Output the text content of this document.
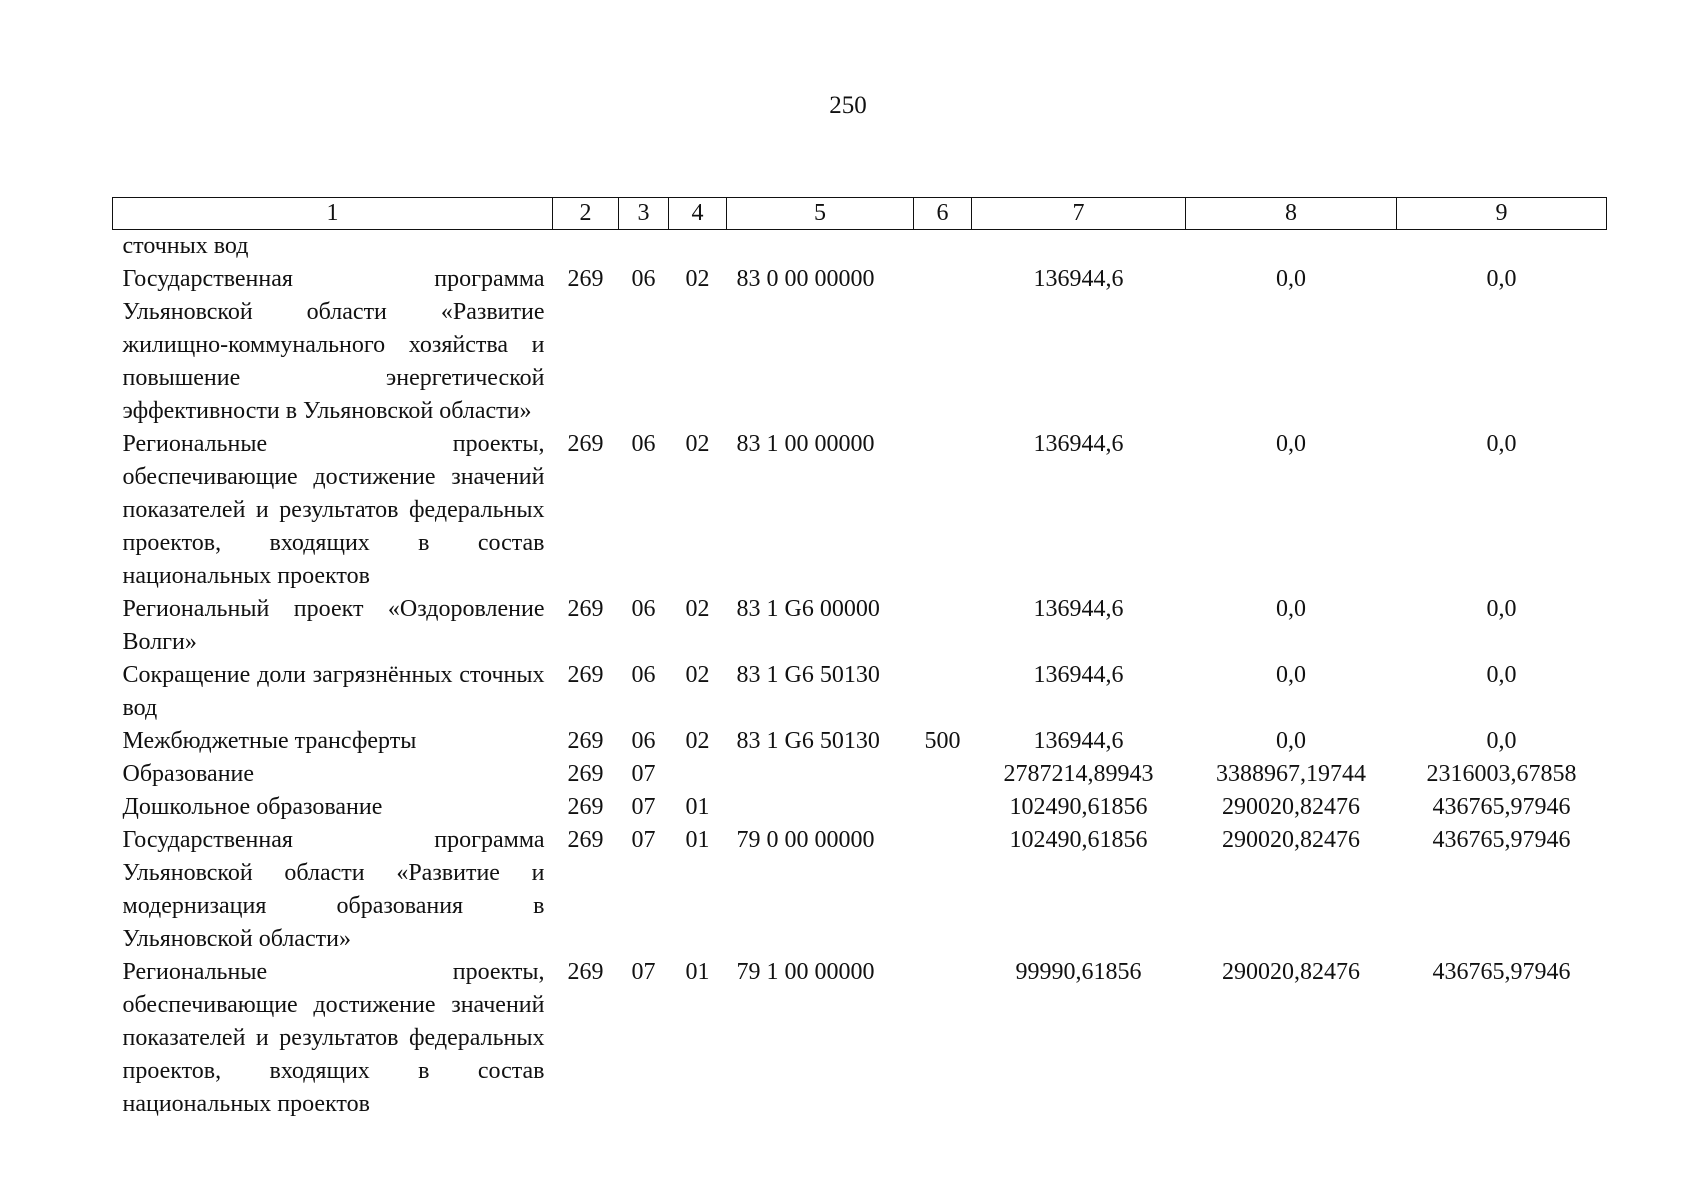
250
1	2	3	4	5	6	7	8	9
сточных вод								
Государственная программа Ульяновской области «Развитие жилищно-коммунального хозяйства и повышение энергетической эффективности в Ульяновской области»	269	06	02	83 0 00 00000		136944,6	0,0	0,0
Региональные проекты, обеспечивающие достижение значений показателей и результатов федеральных проектов, входящих в состав национальных проектов	269	06	02	83 1 00 00000		136944,6	0,0	0,0
Региональный проект «Оздоровление Волги»	269	06	02	83 1 G6 00000		136944,6	0,0	0,0
Сокращение доли загрязнённых сточных вод	269	06	02	83 1 G6 50130		136944,6	0,0	0,0
Межбюджетные трансферты	269	06	02	83 1 G6 50130	500	136944,6	0,0	0,0
Образование	269	07				2787214,89943	3388967,19744	2316003,67858
Дошкольное образование	269	07	01			102490,61856	290020,82476	436765,97946
Государственная программа Ульяновской области «Развитие и модернизация образования в Ульяновской области»	269	07	01	79 0 00 00000		102490,61856	290020,82476	436765,97946
Региональные проекты, обеспечивающие достижение значений показателей и результатов федеральных проектов, входящих в состав национальных проектов	269	07	01	79 1 00 00000		99990,61856	290020,82476	436765,97946
